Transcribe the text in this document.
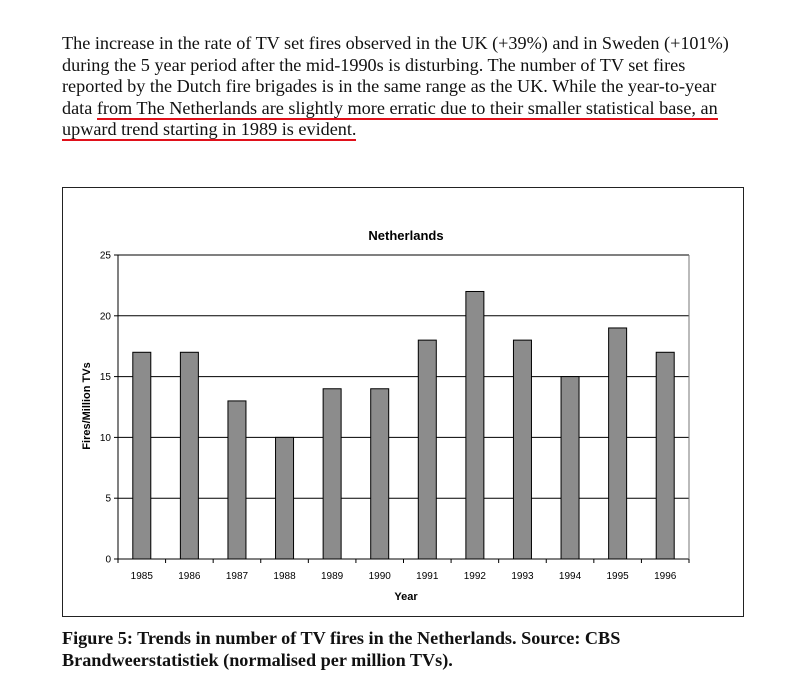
The increase in the rate of TV set fires observed in the UK (+39%) and in Sweden (+101%) during the 5 year period after the mid-1990s is disturbing. The number of TV set fires reported by the Dutch fire brigades is in the same range as the UK. While the year-to-year data from The Netherlands are slightly more erratic due to their smaller statistical base, an upward trend starting in 1989 is evident.

0
5
10
15
20
25
1985	1986	1987	1988	1989	1990	1991	1992	1993	1994	1995	1996
Netherlands
Year
Fires/Million TVs

Figure 5: Trends in number of TV fires in the Netherlands. Source: CBS Brandweerstatistiek (normalised per million TVs).
